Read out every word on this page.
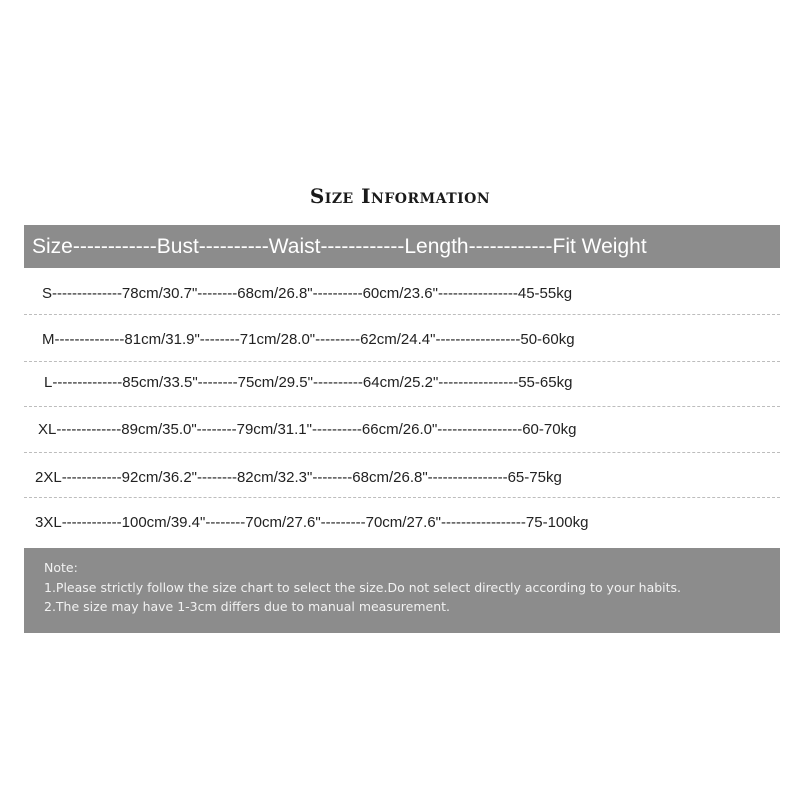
Size Information
Size------------Bust----------Waist------------Length------------Fit Weight
S--------------78cm/30.7"--------68cm/26.8"----------60cm/23.6"----------------45-55kg
M--------------81cm/31.9"--------71cm/28.0"---------62cm/24.4"-----------------50-60kg
L--------------85cm/33.5"--------75cm/29.5"----------64cm/25.2"----------------55-65kg
XL-------------89cm/35.0"--------79cm/31.1"----------66cm/26.0"-----------------60-70kg
2XL------------92cm/36.2"--------82cm/32.3"--------68cm/26.8"----------------65-75kg
3XL------------100cm/39.4"--------70cm/27.6"---------70cm/27.6"-----------------75-100kg
Note:
1.Please strictly follow the size chart to select the size.Do not select directly according to your habits.
2.The size may have 1-3cm differs due to manual measurement.
